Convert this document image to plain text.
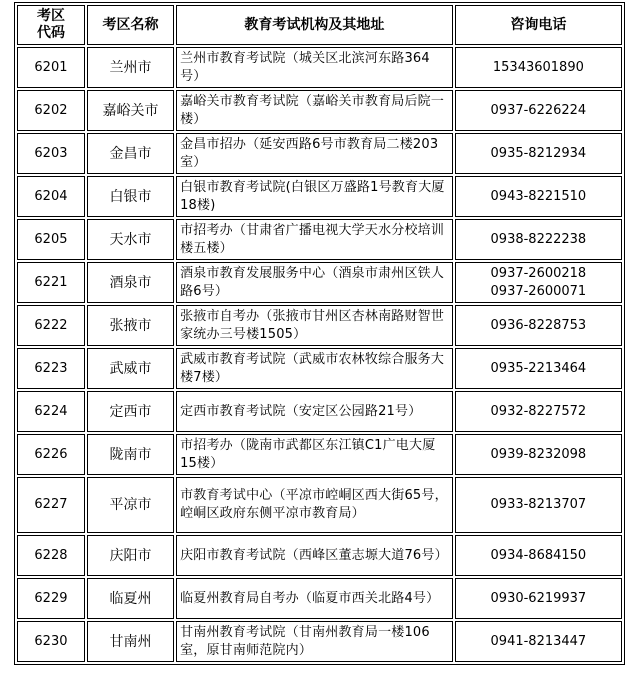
考区代码	考区名称	教育考试机构及其地址	咨询电话
6201	兰州市	兰州市教育考试院（城关区北滨河东路364号）	15343601890

6202	嘉峪关市	嘉峪关市教育考试院（嘉峪关市教育局后院一楼）	0937-6226224

6203	金昌市	金昌市招办（延安西路6号市教育局二楼203室）	0935-8212934

6204	白银市	白银市教育考试院(白银区万盛路1号教育大厦18楼)	0943-8221510

6205	天水市	市招考办（甘肃省广播电视大学天水分校培训楼五楼）	0938-8222238

6221	酒泉市	酒泉市教育发展服务中心（酒泉市肃州区铁人路6号）	0937-2600218
0937-2600071

6222	张掖市	张掖市自考办（张掖市甘州区杏林南路财智世家统办三号楼1505）	0936-8228753

6223	武威市	武威市教育考试院（武威市农林牧综合服务大楼7楼）	0935-2213464

6224	定西市	定西市教育考试院（安定区公园路21号）	0932-8227572

6226	陇南市	市招考办（陇南市武都区东江镇C1广电大厦15楼）	0939-8232098

6227	平凉市	市教育考试中心（平凉市崆峒区西大街65号，崆峒区政府东侧平凉市教育局）	0933-8213707

6228	庆阳市	庆阳市教育考试院（西峰区董志塬大道76号）	0934-8684150

6229	临夏州	临夏州教育局自考办（临夏市西关北路4号）	0930-6219937

6230	甘南州	甘南州教育考试院（甘南州教育局一楼106室，原甘南师范院内）	0941-8213447
